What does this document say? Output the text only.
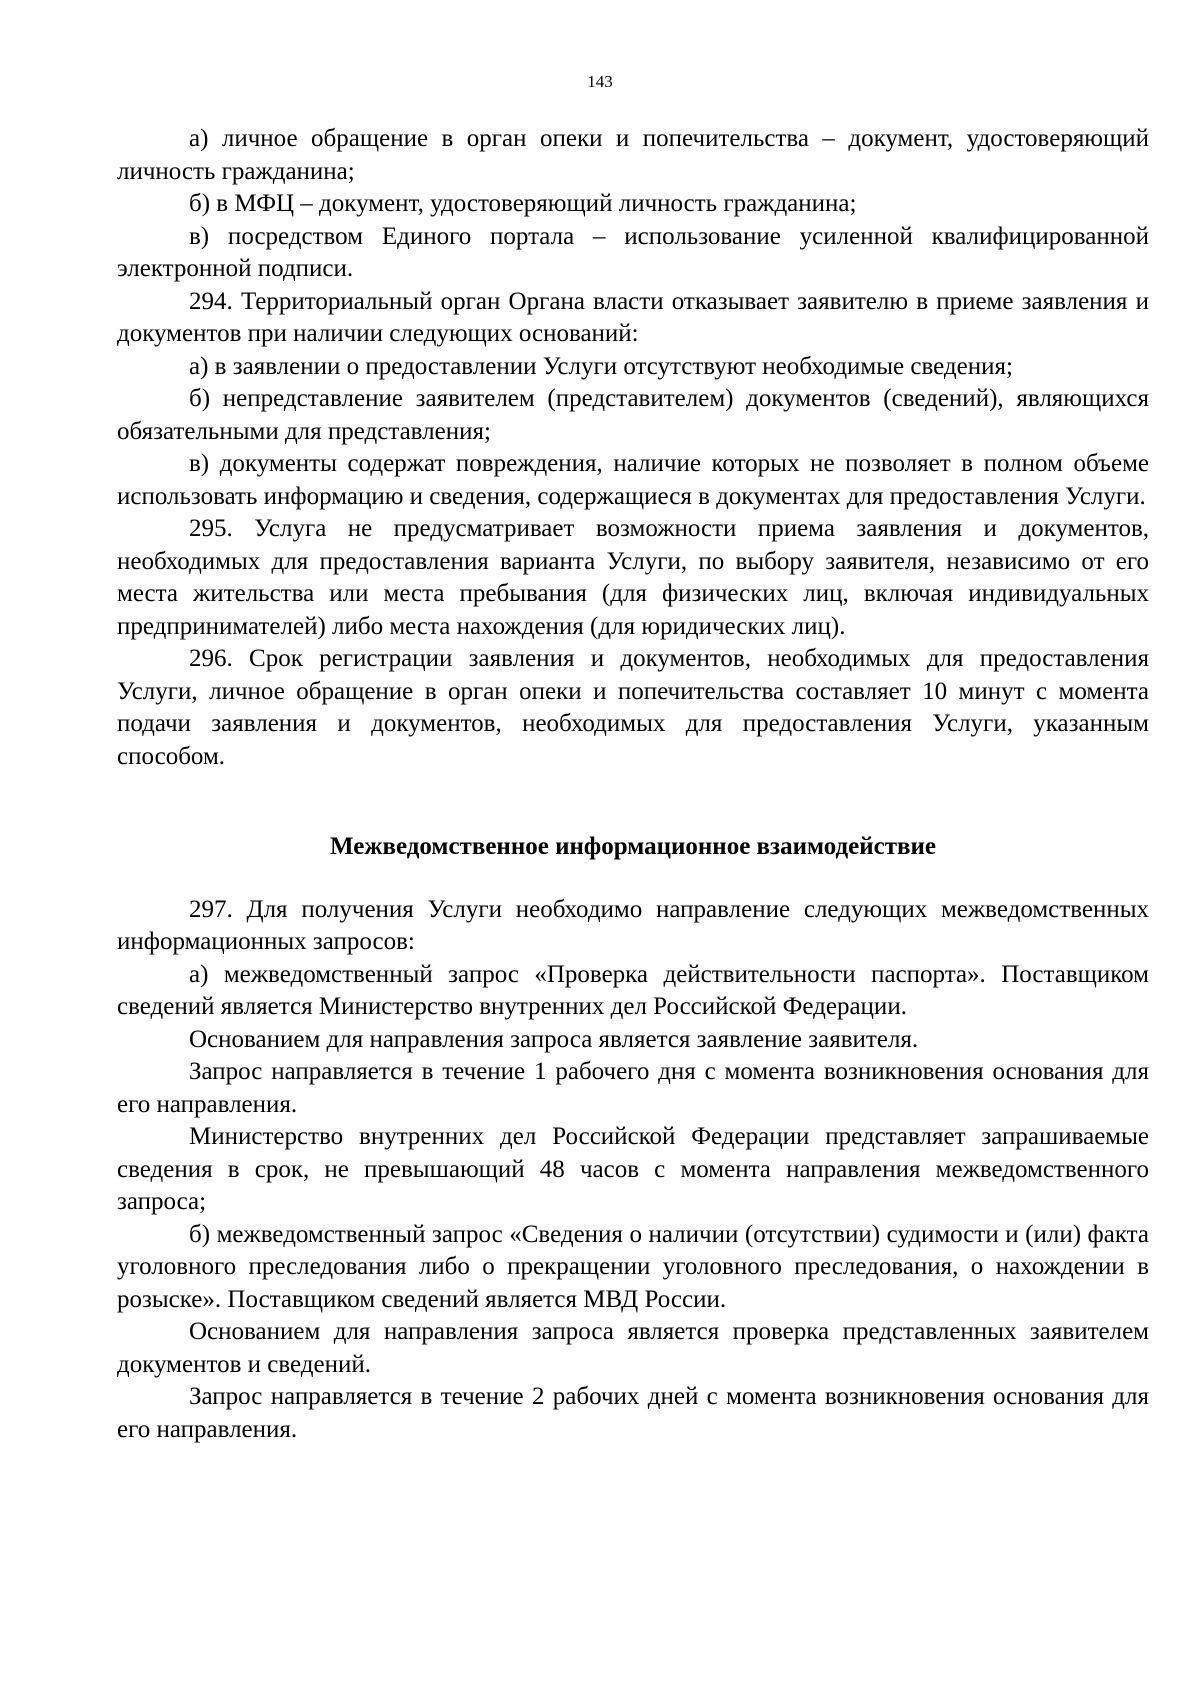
143

а) личное обращение в орган опеки и попечительства – документ, удостоверяющий личность гражданина;

б) в МФЦ – документ, удостоверяющий личность гражданина;

в) посредством Единого портала – использование усиленной квалифицированной электронной подписи.

294. Территориальный орган Органа власти отказывает заявителю в приеме заявления и документов при наличии следующих оснований:

а) в заявлении о предоставлении Услуги отсутствуют необходимые сведения;

б) непредставление заявителем (представителем) документов (сведений), являющихся обязательными для представления;

в) документы содержат повреждения, наличие которых не позволяет в полном объеме использовать информацию и сведения, содержащиеся в документах для предоставления Услуги.

295. Услуга не предусматривает возможности приема заявления и документов, необходимых для предоставления варианта Услуги, по выбору заявителя, независимо от его места жительства или места пребывания (для физических лиц, включая индивидуальных предпринимателей) либо места нахождения (для юридических лиц).

296. Срок регистрации заявления и документов, необходимых для предоставления Услуги, личное обращение в орган опеки и попечительства составляет 10 минут с момента подачи заявления и документов, необходимых для предоставления Услуги, указанным способом.

Межведомственное информационное взаимодействие

297. Для получения Услуги необходимо направление следующих межведомственных информационных запросов:

а) межведомственный запрос «Проверка действительности паспорта». Поставщиком сведений является Министерство внутренних дел Российской Федерации.

Основанием для направления запроса является заявление заявителя.

Запрос направляется в течение 1 рабочего дня с момента возникновения основания для его направления.

Министерство внутренних дел Российской Федерации представляет запрашиваемые сведения в срок, не превышающий 48 часов с момента направления межведомственного запроса;

б) межведомственный запрос «Сведения о наличии (отсутствии) судимости и (или) факта уголовного преследования либо о прекращении уголовного преследования, о нахождении в розыске». Поставщиком сведений является МВД России.

Основанием для направления запроса является проверка представленных заявителем документов и сведений.

Запрос направляется в течение 2 рабочих дней с момента возникновения основания для его направления.
